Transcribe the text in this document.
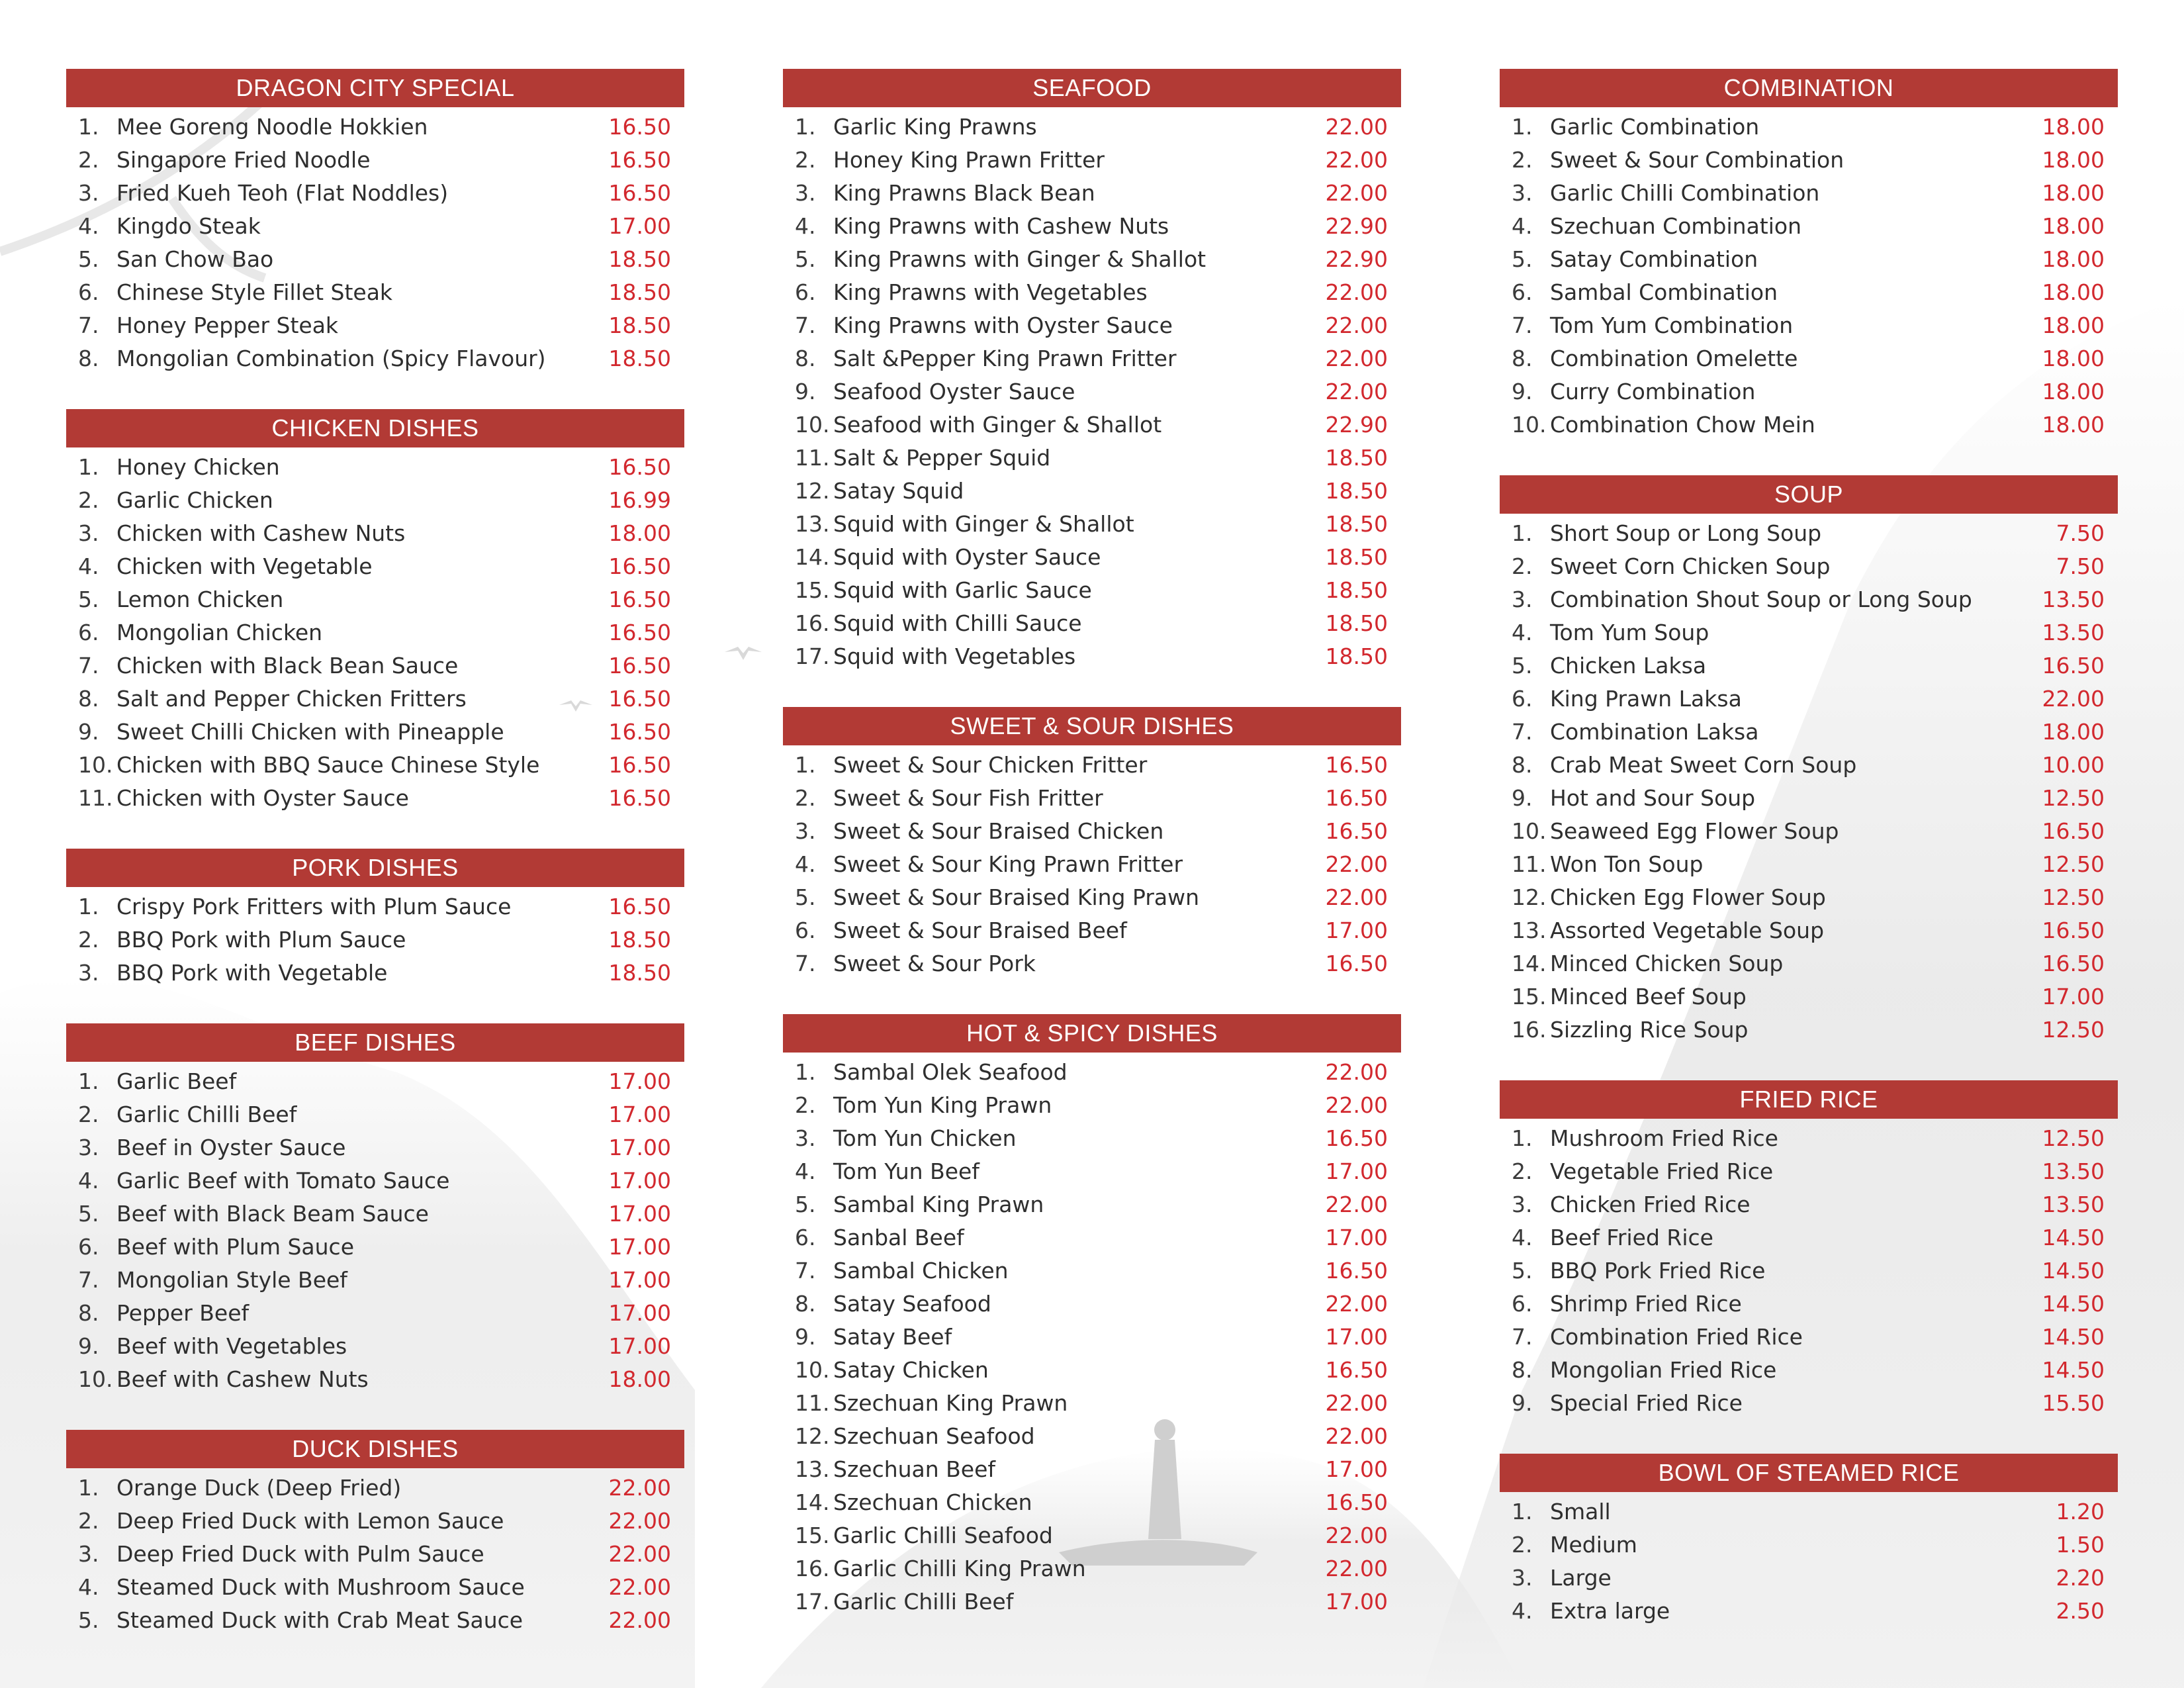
DRAGON CITY SPECIAL
1. Mee Goreng Noodle Hokkien	16.50
2. Singapore Fried Noodle	16.50
3. Fried Kueh Teoh (Flat Noddles)	16.50
4. Kingdo Steak	17.00
5. San Chow Bao	18.50
6. Chinese Style Fillet Steak	18.50
7. Honey Pepper Steak	18.50
8. Mongolian Combination (Spicy Flavour)	18.50
CHICKEN DISHES
1. Honey Chicken	16.50
2. Garlic Chicken	16.99
3. Chicken with Cashew Nuts	18.00
4. Chicken with Vegetable	16.50
5. Lemon Chicken	16.50
6. Mongolian Chicken	16.50
7. Chicken with Black Bean Sauce	16.50
8. Salt and Pepper Chicken Fritters	16.50
9. Sweet Chilli Chicken with Pineapple	16.50
10. Chicken with BBQ Sauce Chinese Style	16.50
11. Chicken with Oyster Sauce	16.50
PORK DISHES
1. Crispy Pork Fritters with Plum Sauce	16.50
2. BBQ Pork with Plum Sauce	18.50
3. BBQ Pork with Vegetable	18.50
BEEF DISHES
1. Garlic Beef	17.00
2. Garlic Chilli Beef	17.00
3. Beef in Oyster Sauce	17.00
4. Garlic Beef with Tomato Sauce	17.00
5. Beef with Black Beam Sauce	17.00
6. Beef with Plum Sauce	17.00
7. Mongolian Style Beef	17.00
8. Pepper Beef	17.00
9. Beef with Vegetables	17.00
10. Beef with Cashew Nuts	18.00
DUCK DISHES
1. Orange Duck (Deep Fried)	22.00
2. Deep Fried Duck with Lemon Sauce	22.00
3. Deep Fried Duck with Pulm Sauce	22.00
4. Steamed Duck with Mushroom Sauce	22.00
5. Steamed Duck with Crab Meat Sauce	22.00
SEAFOOD
1. Garlic King Prawns	22.00
2. Honey King Prawn Fritter	22.00
3. King Prawns Black Bean	22.00
4. King Prawns with Cashew Nuts	22.90
5. King Prawns with Ginger & Shallot	22.90
6. King Prawns with Vegetables	22.00
7. King Prawns with Oyster Sauce	22.00
8. Salt &Pepper King Prawn Fritter	22.00
9. Seafood Oyster Sauce	22.00
10. Seafood with Ginger & Shallot	22.90
11. Salt & Pepper Squid	18.50
12. Satay Squid	18.50
13. Squid with Ginger & Shallot	18.50
14. Squid with Oyster Sauce	18.50
15. Squid with Garlic Sauce	18.50
16. Squid with Chilli Sauce	18.50
17. Squid with Vegetables	18.50
SWEET & SOUR DISHES
1. Sweet & Sour Chicken Fritter	16.50
2. Sweet & Sour Fish Fritter	16.50
3. Sweet & Sour Braised Chicken	16.50
4. Sweet & Sour King Prawn Fritter	22.00
5. Sweet & Sour Braised King Prawn	22.00
6. Sweet & Sour Braised Beef	17.00
7. Sweet & Sour Pork	16.50
HOT & SPICY DISHES
1. Sambal Olek Seafood	22.00
2. Tom Yun King Prawn	22.00
3. Tom Yun Chicken	16.50
4. Tom Yun Beef	17.00
5. Sambal King Prawn	22.00
6. Sanbal Beef	17.00
7. Sambal Chicken	16.50
8. Satay Seafood	22.00
9. Satay Beef	17.00
10. Satay Chicken	16.50
11. Szechuan King Prawn	22.00
12. Szechuan Seafood	22.00
13. Szechuan Beef	17.00
14. Szechuan Chicken	16.50
15. Garlic Chilli Seafood	22.00
16. Garlic Chilli King Prawn	22.00
17. Garlic Chilli Beef	17.00
COMBINATION
1. Garlic Combination	18.00
2. Sweet & Sour Combination	18.00
3. Garlic Chilli Combination	18.00
4. Szechuan Combination	18.00
5. Satay Combination	18.00
6. Sambal Combination	18.00
7. Tom Yum Combination	18.00
8. Combination Omelette	18.00
9. Curry Combination	18.00
10. Combination Chow Mein	18.00
SOUP
1. Short Soup or Long Soup	7.50
2. Sweet Corn Chicken Soup	7.50
3. Combination Shout Soup or Long Soup	13.50
4. Tom Yum Soup	13.50
5. Chicken Laksa	16.50
6. King Prawn Laksa	22.00
7. Combination Laksa	18.00
8. Crab Meat Sweet Corn Soup	10.00
9. Hot and Sour Soup	12.50
10. Seaweed Egg Flower Soup	16.50
11. Won Ton Soup	12.50
12. Chicken Egg Flower Soup	12.50
13. Assorted Vegetable Soup	16.50
14. Minced Chicken Soup	16.50
15. Minced Beef Soup	17.00
16. Sizzling Rice Soup	12.50
FRIED RICE
1. Mushroom Fried Rice	12.50
2. Vegetable Fried Rice	13.50
3. Chicken Fried Rice	13.50
4. Beef Fried Rice	14.50
5. BBQ Pork Fried Rice	14.50
6. Shrimp Fried Rice	14.50
7. Combination Fried Rice	14.50
8. Mongolian Fried Rice	14.50
9. Special Fried Rice	15.50
BOWL OF STEAMED RICE
1. Small	1.20
2. Medium	1.50
3. Large	2.20
4. Extra large	2.50
